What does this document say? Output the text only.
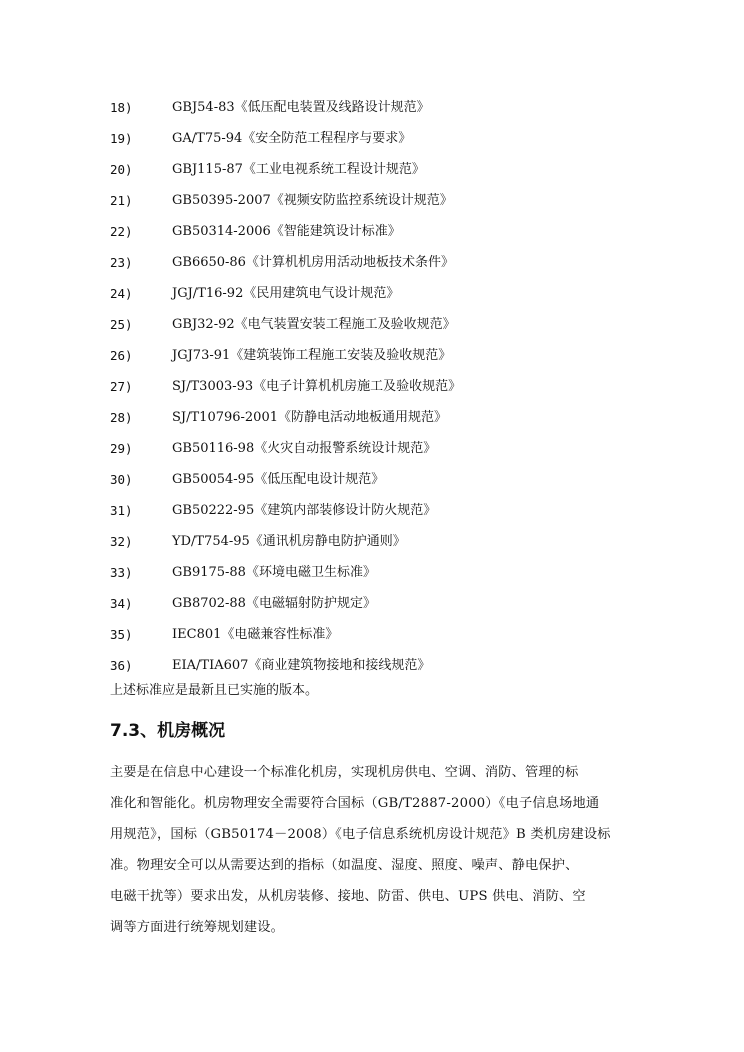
18)	GBJ54-83《低压配电装置及线路设计规范》
19)	GA/T75-94《安全防范工程程序与要求》
20)	GBJ115-87《工业电视系统工程设计规范》
21)	GB50395-2007《视频安防监控系统设计规范》
22)	GB50314-2006《智能建筑设计标准》
23)	GB6650-86《计算机机房用活动地板技术条件》
24)	JGJ/T16-92《民用建筑电气设计规范》
25)	GBJ32-92《电气装置安装工程施工及验收规范》
26)	JGJ73-91《建筑装饰工程施工安装及验收规范》
27)	SJ/T3003-93《电子计算机机房施工及验收规范》
28)	SJ/T10796-2001《防静电活动地板通用规范》
29)	GB50116-98《火灾自动报警系统设计规范》
30)	GB50054-95《低压配电设计规范》
31)	GB50222-95《建筑内部装修设计防火规范》
32)	YD/T754-95《通讯机房静电防护通则》
33)	GB9175-88《环境电磁卫生标准》
34)	GB8702-88《电磁辐射防护规定》
35)	IEC801《电磁兼容性标准》
36)	EIA/TIA607《商业建筑物接地和接线规范》
上述标准应是最新且已实施的版本。
7.3、机房概况
主要是在信息中心建设一个标准化机房，实现机房供电、空调、消防、管理的标
准化和智能化。机房物理安全需要符合国标（GB/T2887-2000）《电子信息场地通
用规范》，国标（GB50174－2008）《电子信息系统机房设计规范》B 类机房建设标
准。物理安全可以从需要达到的指标（如温度、湿度、照度、噪声、静电保护、
电磁干扰等）要求出发，从机房装修、接地、防雷、供电、UPS 供电、消防、空
调等方面进行统筹规划建设。
